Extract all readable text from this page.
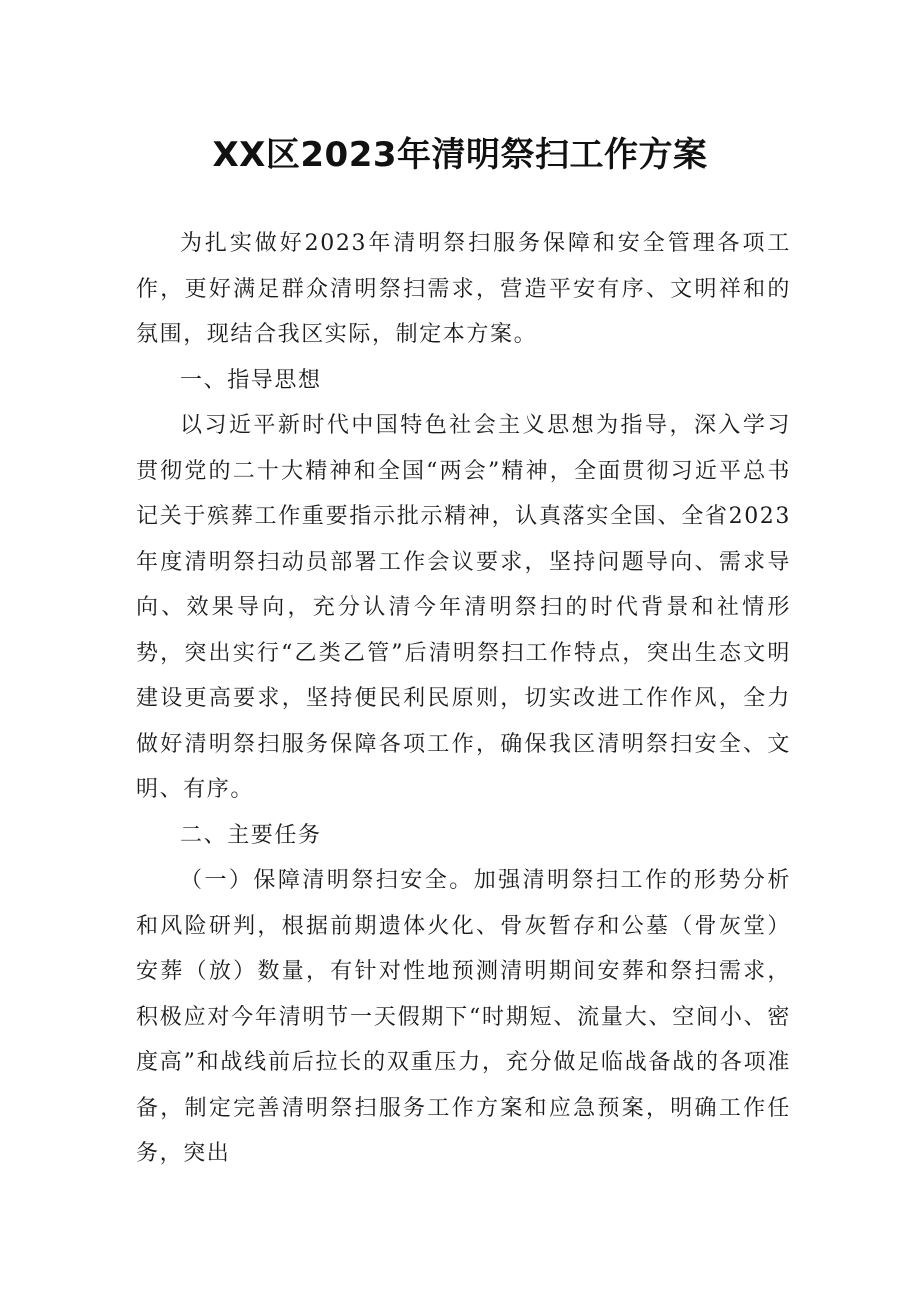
XX区2023年清明祭扫工作方案

为扎实做好2023年清明祭扫服务保障和安全管理各项工作，更好满足群众清明祭扫需求，营造平安有序、文明祥和的氛围，现结合我区实际，制定本方案。

一、指导思想

以习近平新时代中国特色社会主义思想为指导，深入学习贯彻党的二十大精神和全国“两会”精神，全面贯彻习近平总书记关于殡葬工作重要指示批示精神，认真落实全国、全省2023年度清明祭扫动员部署工作会议要求，坚持问题导向、需求导向、效果导向，充分认清今年清明祭扫的时代背景和社情形势，突出实行“乙类乙管”后清明祭扫工作特点，突出生态文明建设更高要求，坚持便民利民原则，切实改进工作作风，全力做好清明祭扫服务保障各项工作，确保我区清明祭扫安全、文明、有序。

二、主要任务

（一）保障清明祭扫安全。加强清明祭扫工作的形势分析和风险研判，根据前期遗体火化、骨灰暂存和公墓（骨灰堂）安葬（放）数量，有针对性地预测清明期间安葬和祭扫需求，积极应对今年清明节一天假期下“时期短、流量大、空间小、密度高”和战线前后拉长的双重压力，充分做足临战备战的各项准备，制定完善清明祭扫服务工作方案和应急预案，明确工作任务，突出
